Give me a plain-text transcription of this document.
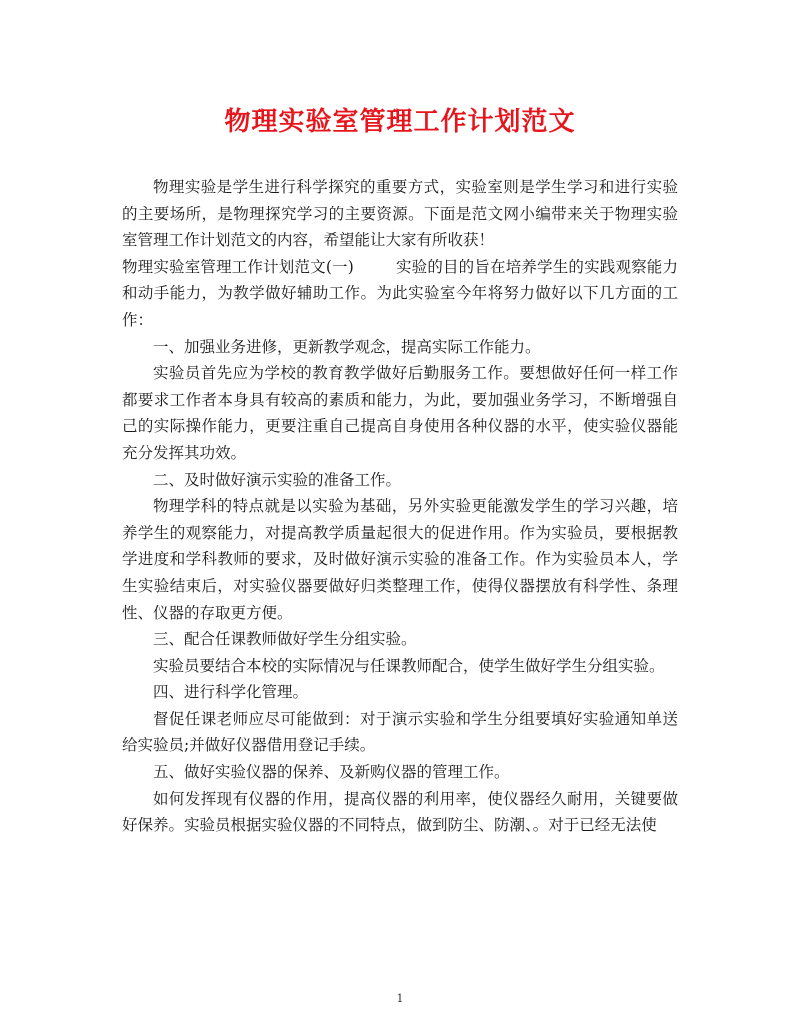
物理实验室管理工作计划范文

物理实验是学生进行科学探究的重要方式，实验室则是学生学习和进行实验的主要场所，是物理探究学习的主要资源。下面是范文网小编带来关于物理实验室管理工作计划范文的内容，希望能让大家有所收获！

物理实验室管理工作计划范文(一)	实验的目的旨在培养学生的实践观察能力和动手能力，为教学做好辅助工作。为此实验室今年将努力做好以下几方面的工作：

一、加强业务进修，更新教学观念，提高实际工作能力。

实验员首先应为学校的教育教学做好后勤服务工作。要想做好任何一样工作都要求工作者本身具有较高的素质和能力，为此，要加强业务学习，不断增强自己的实际操作能力，更要注重自己提高自身使用各种仪器的水平，使实验仪器能充分发挥其功效。

二、及时做好演示实验的准备工作。

物理学科的特点就是以实验为基础，另外实验更能激发学生的学习兴趣，培养学生的观察能力，对提高教学质量起很大的促进作用。作为实验员，要根据教学进度和学科教师的要求，及时做好演示实验的准备工作。作为实验员本人，学生实验结束后，对实验仪器要做好归类整理工作，使得仪器摆放有科学性、条理性、仪器的存取更方便。

三、配合任课教师做好学生分组实验。

实验员要结合本校的实际情况与任课教师配合，使学生做好学生分组实验。

四、进行科学化管理。

督促任课老师应尽可能做到：对于演示实验和学生分组要填好实验通知单送给实验员;并做好仪器借用登记手续。

五、做好实验仪器的保养、及新购仪器的管理工作。

如何发挥现有仪器的作用，提高仪器的利用率，使仪器经久耐用，关键要做好保养。实验员根据实验仪器的不同特点，做到防尘、防潮、。对于已经无法使

1
